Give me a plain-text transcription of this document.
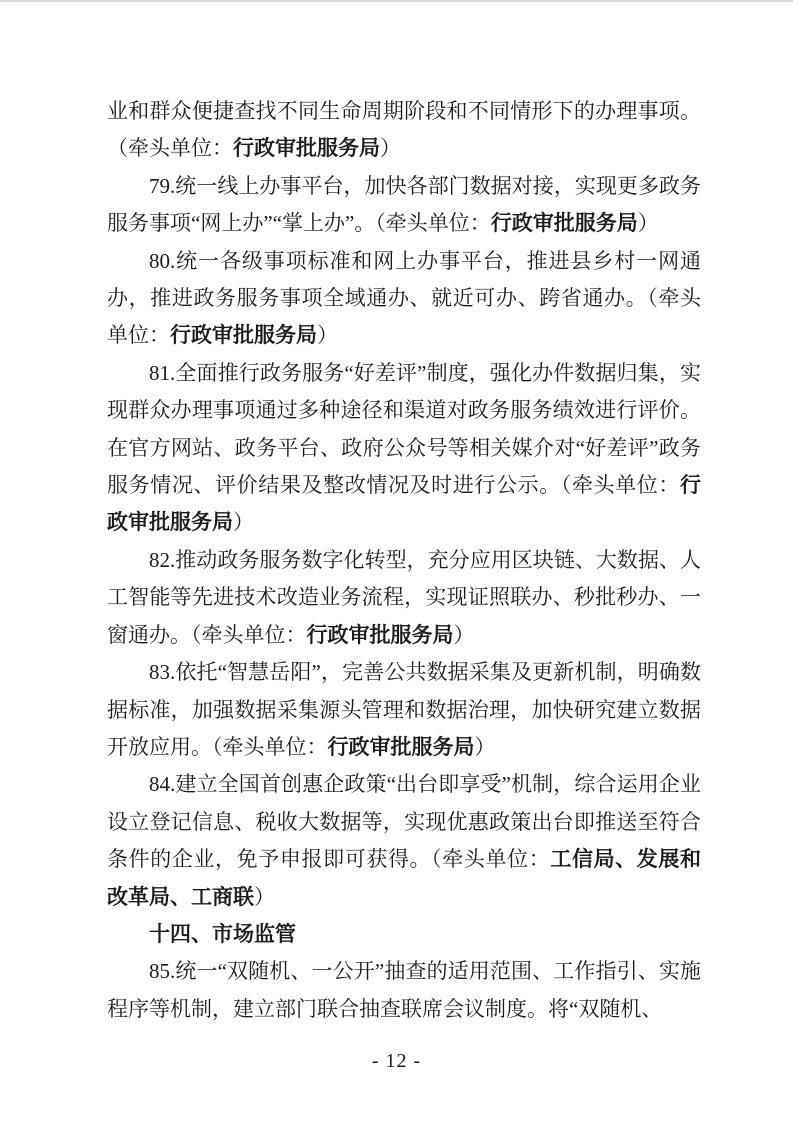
业和群众便捷查找不同生命周期阶段和不同情形下的办理事项。（牵头单位：行政审批服务局）

79.统一线上办事平台，加快各部门数据对接，实现更多政务服务事项“网上办”“掌上办”。（牵头单位：行政审批服务局）

80.统一各级事项标准和网上办事平台，推进县乡村一网通办，推进政务服务事项全域通办、就近可办、跨省通办。（牵头单位：行政审批服务局）

81.全面推行政务服务“好差评”制度，强化办件数据归集，实现群众办理事项通过多种途径和渠道对政务服务绩效进行评价。在官方网站、政务平台、政府公众号等相关媒介对“好差评”政务服务情况、评价结果及整改情况及时进行公示。（牵头单位：行政审批服务局）

82.推动政务服务数字化转型，充分应用区块链、大数据、人工智能等先进技术改造业务流程，实现证照联办、秒批秒办、一窗通办。（牵头单位：行政审批服务局）

83.依托“智慧岳阳”，完善公共数据采集及更新机制，明确数据标准，加强数据采集源头管理和数据治理，加快研究建立数据开放应用。（牵头单位：行政审批服务局）

84.建立全国首创惠企政策“出台即享受”机制，综合运用企业设立登记信息、税收大数据等，实现优惠政策出台即推送至符合条件的企业，免予申报即可获得。（牵头单位：工信局、发展和改革局、工商联）

十四、市场监管

85.统一“双随机、一公开”抽查的适用范围、工作指引、实施程序等机制，建立部门联合抽查联席会议制度。将“双随机、

- 12 -
